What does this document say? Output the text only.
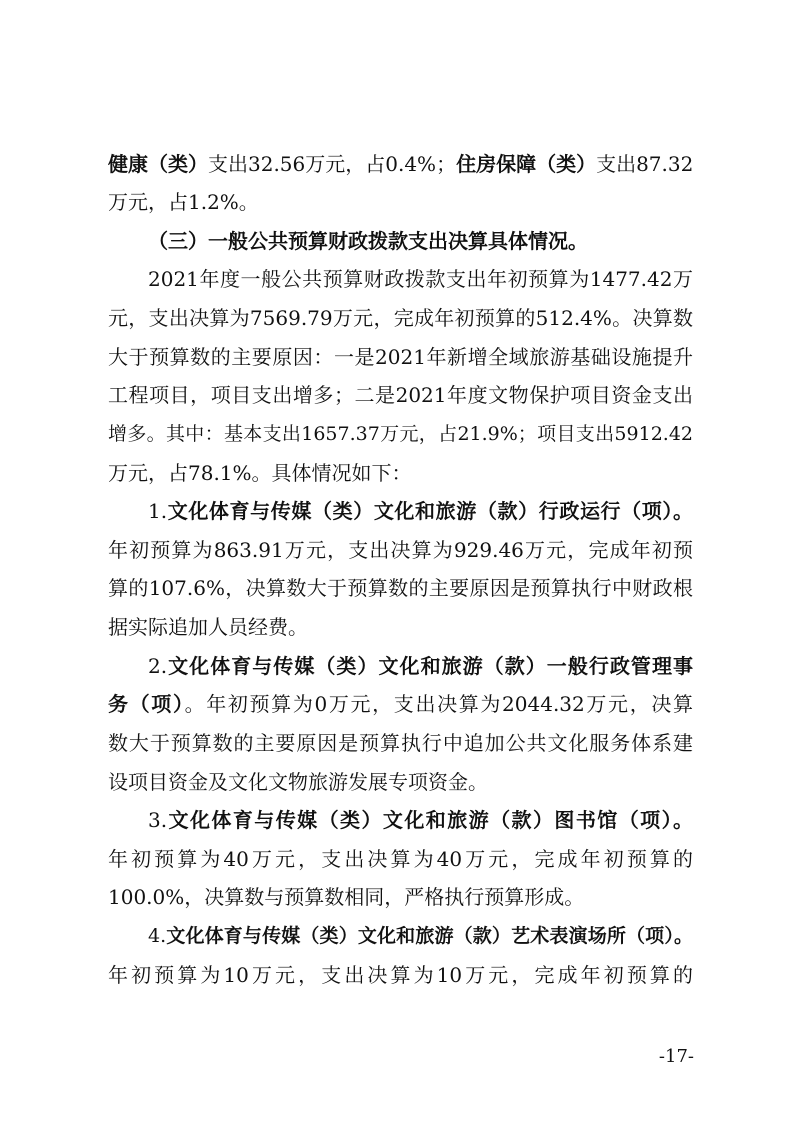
健康（类）支出32.56万元，占0.4%；住房保障（类）支出87.32
万元，占1.2%。
（三）一般公共预算财政拨款支出决算具体情况。
2021年度一般公共预算财政拨款支出年初预算为1477.42万
元，支出决算为7569.79万元，完成年初预算的512.4%。决算数
大于预算数的主要原因：一是2021年新增全域旅游基础设施提升
工程项目，项目支出增多；二是2021年度文物保护项目资金支出
增多。其中：基本支出1657.37万元，占21.9%；项目支出5912.42
万元，占78.1%。具体情况如下：
1.文化体育与传媒（类）文化和旅游（款）行政运行（项）。
年初预算为863.91万元，支出决算为929.46万元，完成年初预
算的107.6%，决算数大于预算数的主要原因是预算执行中财政根
据实际追加人员经费。
2.文化体育与传媒（类）文化和旅游（款）一般行政管理事
务（项）。年初预算为0万元，支出决算为2044.32万元，决算
数大于预算数的主要原因是预算执行中追加公共文化服务体系建
设项目资金及文化文物旅游发展专项资金。
3.文化体育与传媒（类）文化和旅游（款）图书馆（项）。
年初预算为40万元，支出决算为40万元，完成年初预算的
100.0%，决算数与预算数相同，严格执行预算形成。
4.文化体育与传媒（类）文化和旅游（款）艺术表演场所（项）。
年初预算为10万元，支出决算为10万元，完成年初预算的
-17-
